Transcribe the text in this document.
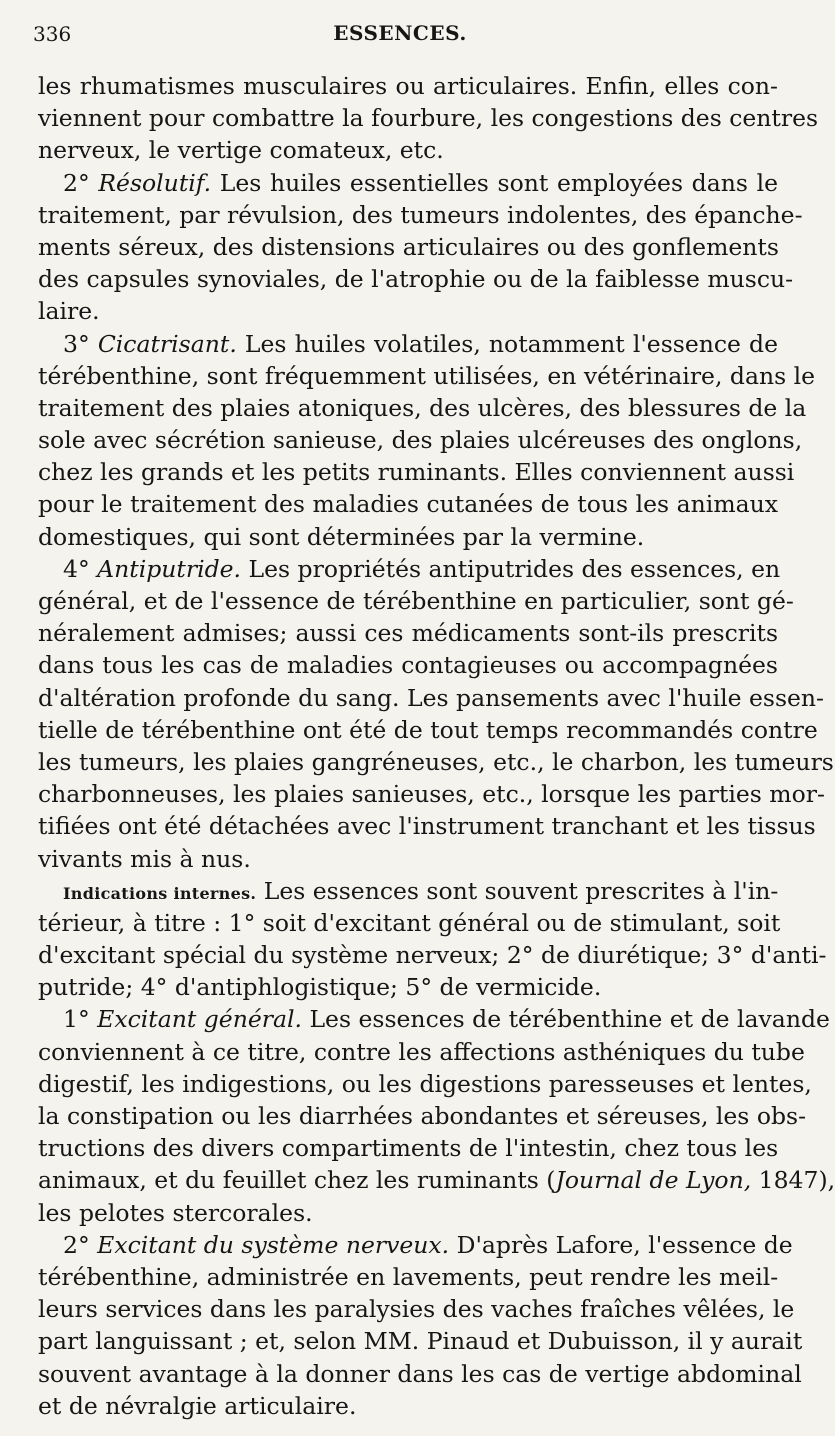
336	ESSENCES.
les rhumatismes musculaires ou articulaires. Enfin, elles con-
viennent pour combattre la fourbure, les congestions des centres
nerveux, le vertige comateux, etc.
2° Résolutif. Les huiles essentielles sont employées dans le
traitement, par révulsion, des tumeurs indolentes, des épanche-
ments séreux, des distensions articulaires ou des gonflements
des capsules synoviales, de l'atrophie ou de la faiblesse muscu-
laire.
3° Cicatrisant. Les huiles volatiles, notamment l'essence de
térébenthine, sont fréquemment utilisées, en vétérinaire, dans le
traitement des plaies atoniques, des ulcères, des blessures de la
sole avec sécrétion sanieuse, des plaies ulcéreuses des onglons,
chez les grands et les petits ruminants. Elles conviennent aussi
pour le traitement des maladies cutanées de tous les animaux
domestiques, qui sont déterminées par la vermine.
4° Antiputride. Les propriétés antiputrides des essences, en
général, et de l'essence de térébenthine en particulier, sont gé-
néralement admises; aussi ces médicaments sont-ils prescrits
dans tous les cas de maladies contagieuses ou accompagnées
d'altération profonde du sang. Les pansements avec l'huile essen-
tielle de térébenthine ont été de tout temps recommandés contre
les tumeurs, les plaies gangréneuses, etc., le charbon, les tumeurs
charbonneuses, les plaies sanieuses, etc., lorsque les parties mor-
tifiées ont été détachées avec l'instrument tranchant et les tissus
vivants mis à nus.
Indications internes. Les essences sont souvent prescrites à l'in-
térieur, à titre : 1° soit d'excitant général ou de stimulant, soit
d'excitant spécial du système nerveux; 2° de diurétique; 3° d'anti-
putride; 4° d'antiphlogistique; 5° de vermicide.
1° Excitant général. Les essences de térébenthine et de lavande
conviennent à ce titre, contre les affections asthéniques du tube
digestif, les indigestions, ou les digestions paresseuses et lentes,
la constipation ou les diarrhées abondantes et séreuses, les obs-
tructions des divers compartiments de l'intestin, chez tous les
animaux, et du feuillet chez les ruminants (Journal de Lyon, 1847),
les pelotes stercorales.
2° Excitant du système nerveux. D'après Lafore, l'essence de
térébenthine, administrée en lavements, peut rendre les meil-
leurs services dans les paralysies des vaches fraîches vêlées, le
part languissant ; et, selon MM. Pinaud et Dubuisson, il y aurait
souvent avantage à la donner dans les cas de vertige abdominal
et de névralgie articulaire.
